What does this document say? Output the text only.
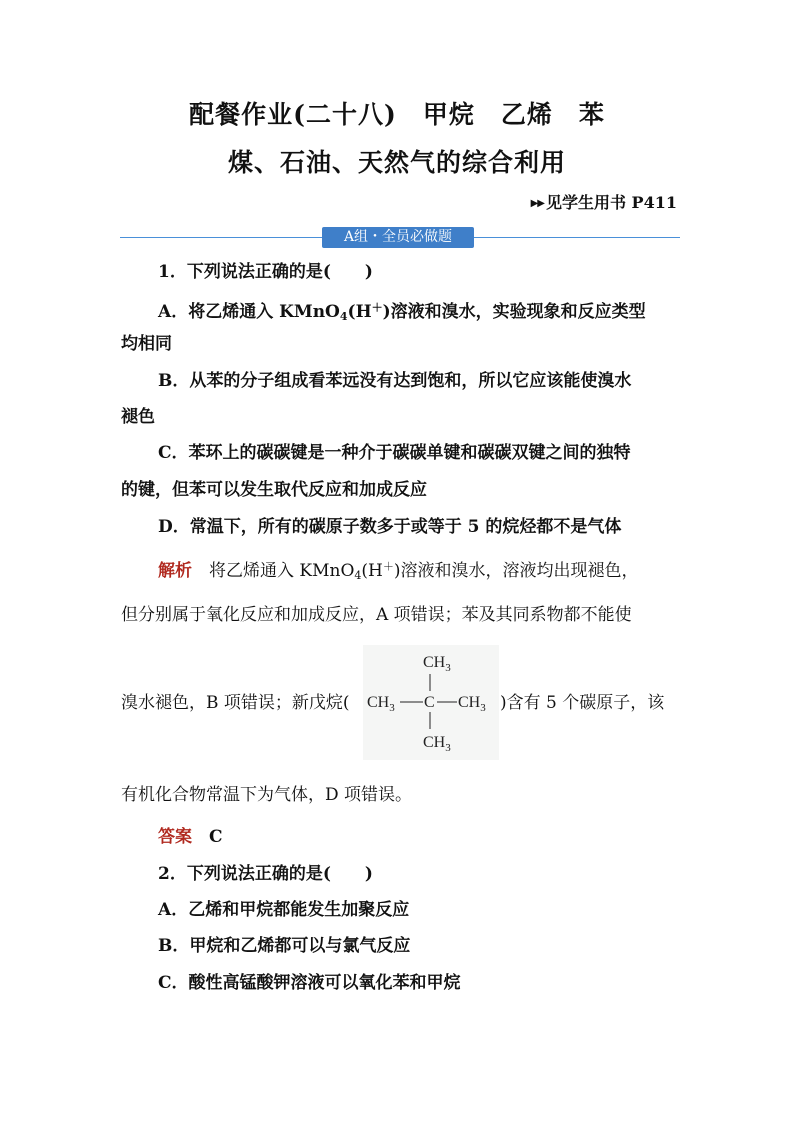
配餐作业(二十八)　甲烷　乙烯　苯
煤、石油、天然气的综合利用
▶▶ 见学生用书 P411
A组・全员必做题
1．下列说法正确的是(　　)
A．将乙烯通入 KMnO$_4$(H＋)溶液和溴水，实验现象和反应类型
均相同
B．从苯的分子组成看苯远没有达到饱和，所以它应该能使溴水
褪色
C．苯环上的碳碳键是一种介于碳碳单键和碳碳双键之间的独特
的键，但苯可以发生取代反应和加成反应
D．常温下，所有的碳原子数多于或等于 5 的烷烃都不是气体
解析　将乙烯通入 KMnO$_4$(H＋)溶液和溴水，溶液均出现褪色，
但分别属于氧化反应和加成反应，A 项错误；苯及其同系物都不能使
溴水褪色，B 项错误；新戊烷(
$CH_3$
$CH_3$ C $CH_3$
$CH_3$
)含有 5 个碳原子，该
有机化合物常温下为气体，D 项错误。
答案　 C
2．下列说法正确的是(　　)
A．乙烯和甲烷都能发生加聚反应
B．甲烷和乙烯都可以与氯气反应
C．酸性高锰酸钾溶液可以氧化苯和甲烷
